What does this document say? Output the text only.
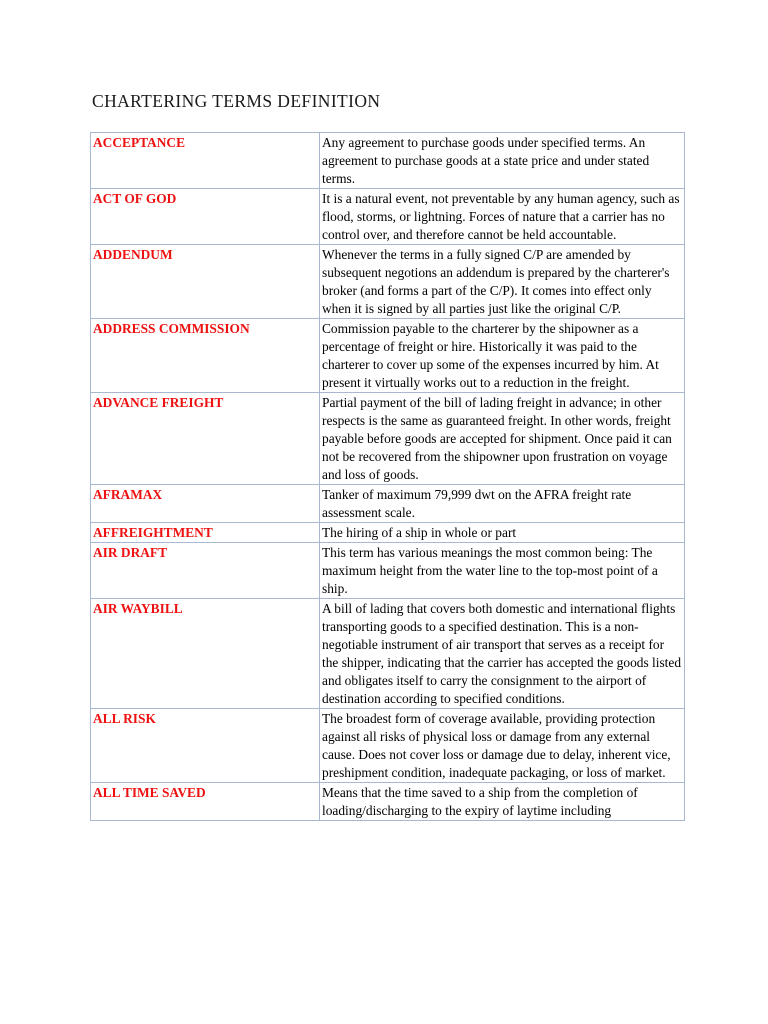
CHARTERING TERMS DEFINITION
ACCEPTANCE	Any agreement to purchase goods under specified terms. An agreement to purchase goods at a state price and under stated terms.
ACT OF GOD	It is a natural event, not preventable by any human agency, such as flood, storms, or lightning. Forces of nature that a carrier has no control over, and therefore cannot be held accountable.
ADDENDUM	Whenever the terms in a fully signed C/P are amended by subsequent negotions an addendum is prepared by the charterer's broker (and forms a part of the C/P). It comes into effect only when it is signed by all parties just like the original C/P.
ADDRESS COMMISSION	Commission payable to the charterer by the shipowner as a percentage of freight or hire. Historically it was paid to the charterer to cover up some of the expenses incurred by him. At present it virtually works out to a reduction in the freight.
ADVANCE FREIGHT	Partial payment of the bill of lading freight in advance; in other respects is the same as guaranteed freight. In other words, freight payable before goods are accepted for shipment. Once paid it can not be recovered from the shipowner upon frustration on voyage and loss of goods.
AFRAMAX	Tanker of maximum 79,999 dwt on the AFRA freight rate assessment scale.
AFFREIGHTMENT	The hiring of a ship in whole or part
AIR DRAFT	This term has various meanings the most common being: The maximum height from the water line to the top-most point of a ship.
AIR WAYBILL	A bill of lading that covers both domestic and international flights transporting goods to a specified destination. This is a non-negotiable instrument of air transport that serves as a receipt for the shipper, indicating that the carrier has accepted the goods listed and obligates itself to carry the consignment to the airport of destination according to specified conditions.
ALL RISK	The broadest form of coverage available, providing protection against all risks of physical loss or damage from any external cause. Does not cover loss or damage due to delay, inherent vice, preshipment condition, inadequate packaging, or loss of market.
ALL TIME SAVED	Means that the time saved to a ship from the completion of loading/discharging to the expiry of laytime including
